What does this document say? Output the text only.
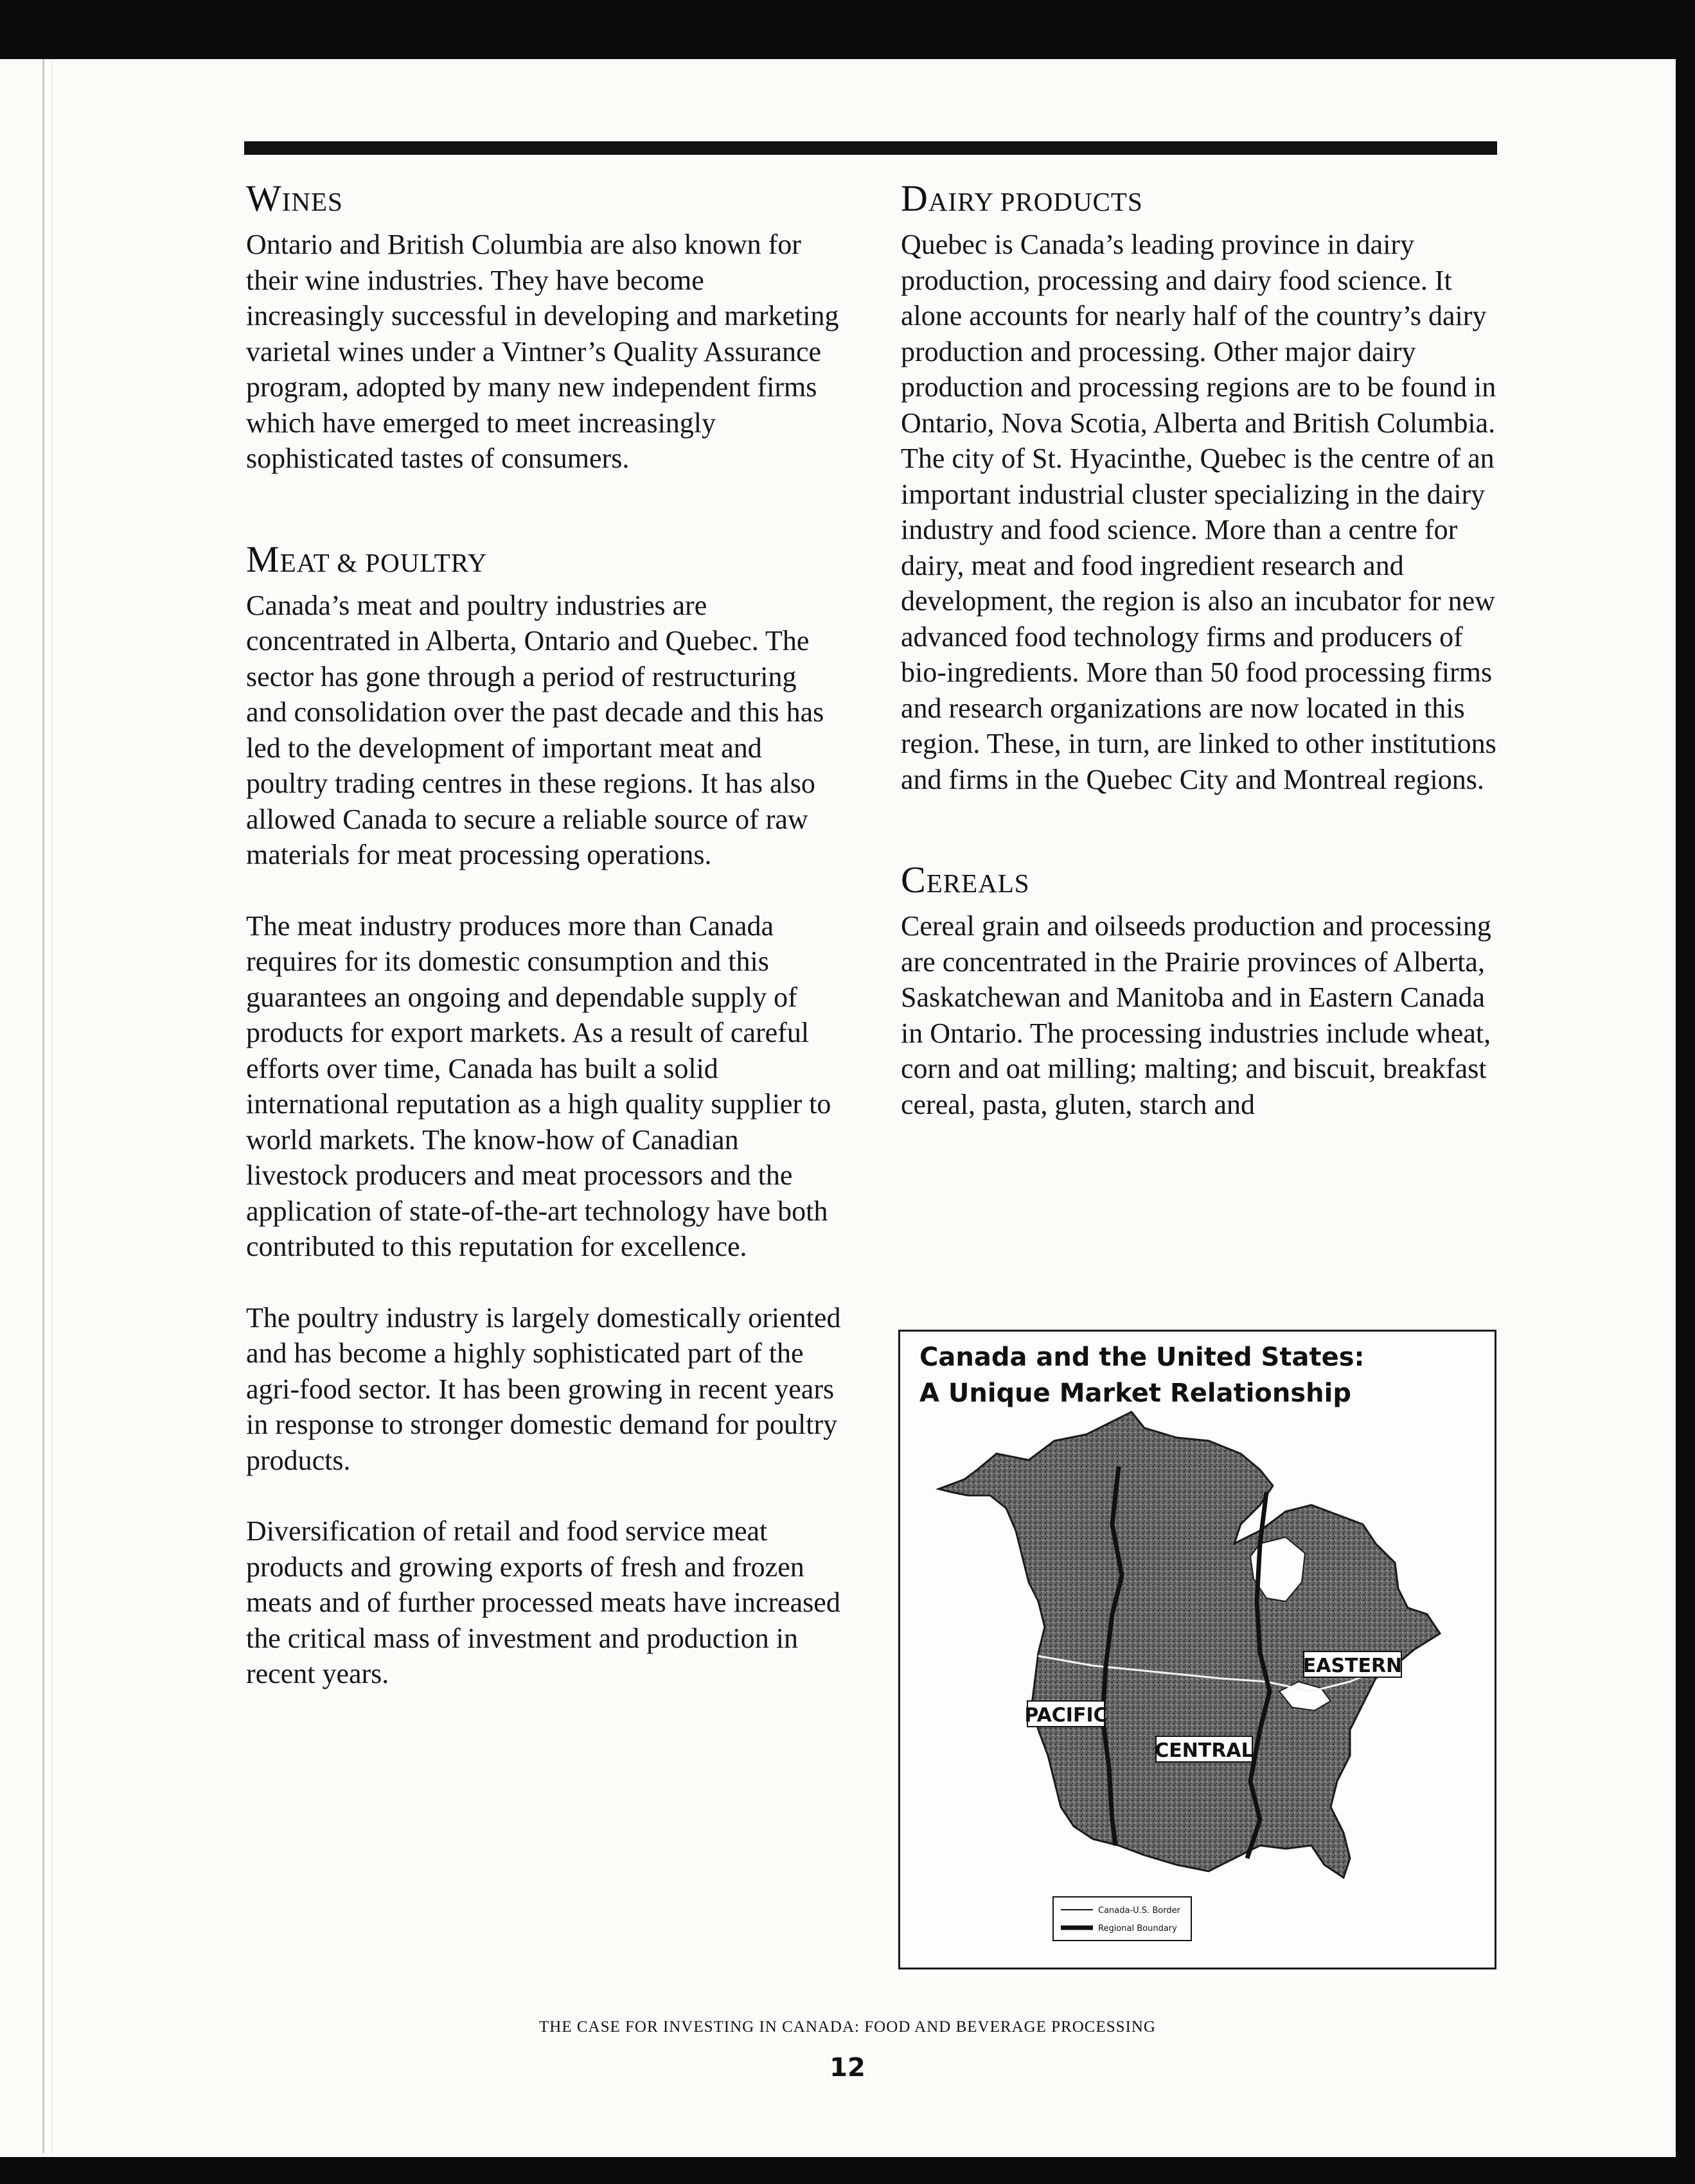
WINES

Ontario and British Columbia are also known for their wine industries. They have become increasingly successful in developing and marketing varietal wines under a Vintner’s Quality Assurance program, adopted by many new independent firms which have emerged to meet increasingly sophisticated tastes of consumers.

MEAT & POULTRY

Canada’s meat and poultry industries are concentrated in Alberta, Ontario and Quebec. The sector has gone through a period of restructuring and consolidation over the past decade and this has led to the development of important meat and poultry trading centres in these regions. It has also allowed Canada to secure a reliable source of raw materials for meat processing operations.

The meat industry produces more than Canada requires for its domestic consumption and this guarantees an ongoing and dependable supply of products for export markets. As a result of careful efforts over time, Canada has built a solid international reputation as a high quality supplier to world markets. The know-how of Canadian livestock producers and meat processors and the application of state-of-the-art technology have both contributed to this reputation for excellence.

The poultry industry is largely domestically oriented and has become a highly sophisticated part of the agri-food sector. It has been growing in recent years in response to stronger domestic demand for poultry products.

Diversification of retail and food service meat products and growing exports of fresh and frozen meats and of further processed meats have increased the critical mass of investment and production in recent years.

DAIRY PRODUCTS

Quebec is Canada’s leading province in dairy production, processing and dairy food science. It alone accounts for nearly half of the country’s dairy production and processing. Other major dairy production and processing regions are to be found in Ontario, Nova Scotia, Alberta and British Columbia. The city of St. Hyacinthe, Quebec is the centre of an important industrial cluster specializing in the dairy industry and food science. More than a centre for dairy, meat and food ingredient research and development, the region is also an incubator for new advanced food technology firms and producers of bio-ingredients. More than 50 food processing firms and research organizations are now located in this region. These, in turn, are linked to other institutions and firms in the Quebec City and Montreal regions.

CEREALS

Cereal grain and oilseeds production and processing are concentrated in the Prairie provinces of Alberta, Saskatchewan and Manitoba and in Eastern Canada in Ontario. The processing industries include wheat, corn and oat milling; malting; and biscuit, breakfast cereal, pasta, gluten, starch and

EASTERN
PACIFIC
CENTRAL
Canada-U.S. Border
Regional Boundary
Canada and the United States:
A Unique Market Relationship
THE CASE FOR INVESTING IN CANADA: FOOD AND BEVERAGE PROCESSING
12
